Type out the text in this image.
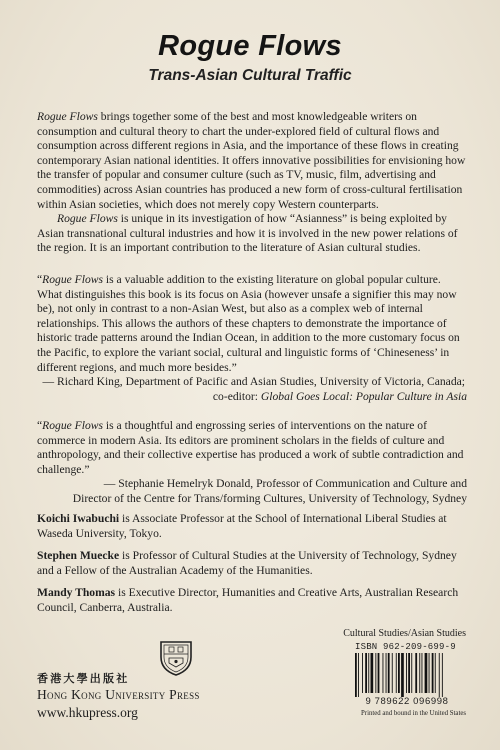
Rogue Flows
Trans-Asian Cultural Traffic

Rogue Flows brings together some of the best and most knowledgeable writers on consumption and cultural theory to chart the under-explored field of cultural flows and consumption across different regions in Asia, and the importance of these flows in creating contemporary Asian national identities. It offers innovative possibilities for envisioning how the transfer of popular and consumer culture (such as TV, music, film, advertising and commodities) across Asian countries has produced a new form of cross-cultural fertilisation within Asian societies, which does not merely copy Western counterparts.

Rogue Flows is unique in its investigation of how “Asianness” is being exploited by Asian transnational cultural industries and how it is involved in the new power relations of the region. It is an important contribution to the literature of Asian cultural studies.

“Rogue Flows is a valuable addition to the existing literature on global popular culture. What distinguishes this book is its focus on Asia (however unsafe a signifier this may now be), not only in contrast to a non-Asian West, but also as a complex web of internal relationships. This allows the authors of these chapters to demonstrate the importance of historic trade patterns around the Indian Ocean, in addition to the more customary focus on the Pacific, to explore the variant social, cultural and linguistic forms of ‘Chineseness’ in different regions, and much more besides.”

— Richard King, Department of Pacific and Asian Studies, University of Victoria, Canada;

co-editor: Global Goes Local: Popular Culture in Asia

“Rogue Flows is a thoughtful and engrossing series of interventions on the nature of commerce in modern Asia. Its editors are prominent scholars in the fields of culture and anthropology, and their collective expertise has produced a work of subtle contradiction and challenge.”

— Stephanie Hemelryk Donald, Professor of Communication and Culture and

Director of the Centre for Trans/forming Cultures, University of Technology, Sydney

Koichi Iwabuchi is Associate Professor at the School of International Liberal Studies at Waseda University, Tokyo.

Stephen Muecke is Professor of Cultural Studies at the University of Technology, Sydney and a Fellow of the Australian Academy of the Humanities.

Mandy Thomas is Executive Director, Humanities and Creative Arts, Australian Research Council, Canberra, Australia.

香港大學出版社
Hong Kong University Press
www.hkupress.org
Cultural Studies/Asian Studies
ISBN 962-209-699-9
9 789622 096998
Printed and bound in the United States
